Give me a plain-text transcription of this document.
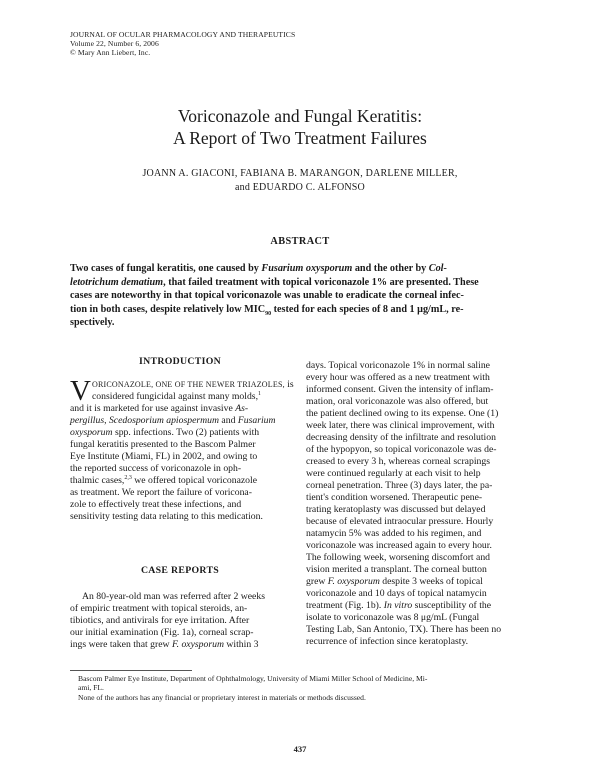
JOURNAL OF OCULAR PHARMACOLOGY AND THERAPEUTICS
Volume 22, Number 6, 2006
© Mary Ann Liebert, Inc.
Voriconazole and Fungal Keratitis:
A Report of Two Treatment Failures
JOANN A. GIACONI, FABIANA B. MARANGON, DARLENE MILLER,
and EDUARDO C. ALFONSO
ABSTRACT
Two cases of fungal keratitis, one caused by Fusarium oxysporum and the other by Col-
letotrichum dematium, that failed treatment with topical voriconazole 1% are presented. These
cases are noteworthy in that topical voriconazole was unable to eradicate the corneal infec-
tion in both cases, despite relatively low $MIC_{90}$ tested for each species of 8 and 1 μg/mL, re-
spectively.
INTRODUCTION
V ORICONAZOLE, ONE OF THE NEWER TRIAZOLES, is
considered fungicidal against many molds,$^1$
and it is marketed for use against invasive As-
pergillus, Scedosporium apiospermum and Fusarium
oxysporum spp. infections. Two (2) patients with
fungal keratitis presented to the Bascom Palmer
Eye Institute (Miami, FL) in 2002, and owing to
the reported success of voriconazole in oph-
thalmic cases,$^{2,3}$ we offered topical voriconazole
as treatment. We report the failure of voricona-
zole to effectively treat these infections, and
sensitivity testing data relating to this medication.
CASE REPORTS
An 80-year-old man was referred after 2 weeks
of empiric treatment with topical steroids, an-
tibiotics, and antivirals for eye irritation. After
our initial examination (Fig. 1a), corneal scrap-
ings were taken that grew F. oxysporum within 3
days. Topical voriconazole 1% in normal saline
every hour was offered as a new treatment with
informed consent. Given the intensity of inflam-
mation, oral voriconazole was also offered, but
the patient declined owing to its expense. One (1)
week later, there was clinical improvement, with
decreasing density of the infiltrate and resolution
of the hypopyon, so topical voriconazole was de-
creased to every 3 h, whereas corneal scrapings
were continued regularly at each visit to help
corneal penetration. Three (3) days later, the pa-
tient's condition worsened. Therapeutic pene-
trating keratoplasty was discussed but delayed
because of elevated intraocular pressure. Hourly
natamycin 5% was added to his regimen, and
voriconazole was increased again to every hour.
The following week, worsening discomfort and
vision merited a transplant. The corneal button
grew F. oxysporum despite 3 weeks of topical
voriconazole and 10 days of topical natamycin
treatment (Fig. 1b). In vitro susceptibility of the
isolate to voriconazole was 8 μg/mL (Fungal
Testing Lab, San Antonio, TX). There has been no
recurrence of infection since keratoplasty.
Bascom Palmer Eye Institute, Department of Ophthalmology, University of Miami Miller School of Medicine, Mi-
ami, FL.
None of the authors has any financial or proprietary interest in materials or methods discussed.
437
